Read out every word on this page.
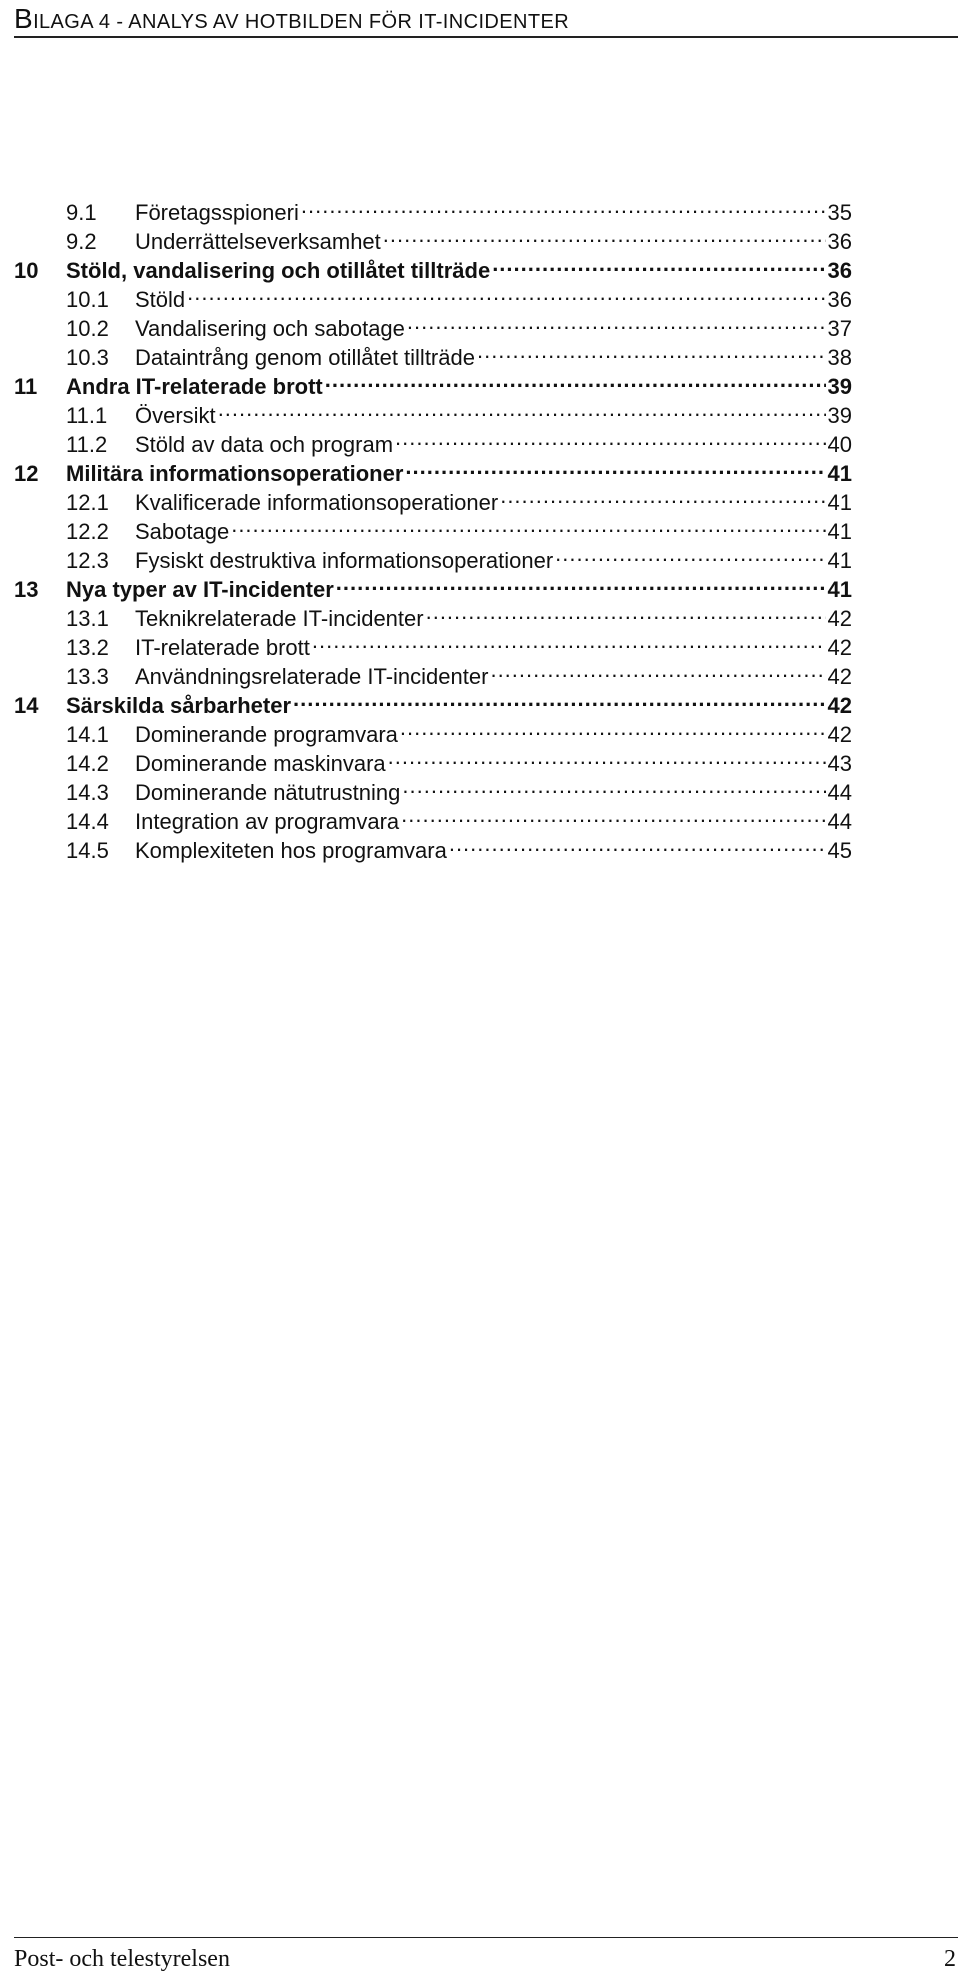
BILAGA 4 - ANALYS AV HOTBILDEN FÖR IT-INCIDENTER
9.1	Företagsspioneri .....	35
9.2	Underrättelseverksamhet .....	36
10	Stöld, vandalisering och otillåtet tillträde .....	36
10.1	Stöld .....	36
10.2	Vandalisering och sabotage .....	37
10.3	Dataintrång genom otillåtet tillträde .....	38
11	Andra IT-relaterade brott .....	39
11.1	Översikt .....	39
11.2	Stöld av data och program .....	40
12	Militära informationsoperationer .....	41
12.1	Kvalificerade informationsoperationer .....	41
12.2	Sabotage .....	41
12.3	Fysiskt destruktiva informationsoperationer .....	41
13	Nya typer av IT-incidenter .....	41
13.1	Teknikrelaterade IT-incidenter .....	42
13.2	IT-relaterade brott .....	42
13.3	Användningsrelaterade IT-incidenter .....	42
14	Särskilda sårbarheter .....	42
14.1	Dominerande programvara .....	42
14.2	Dominerande maskinvara .....	43
14.3	Dominerande nätutrustning .....	44
14.4	Integration av programvara .....	44
14.5	Komplexiteten hos programvara .....	45
Post- och telestyrelsen	2
